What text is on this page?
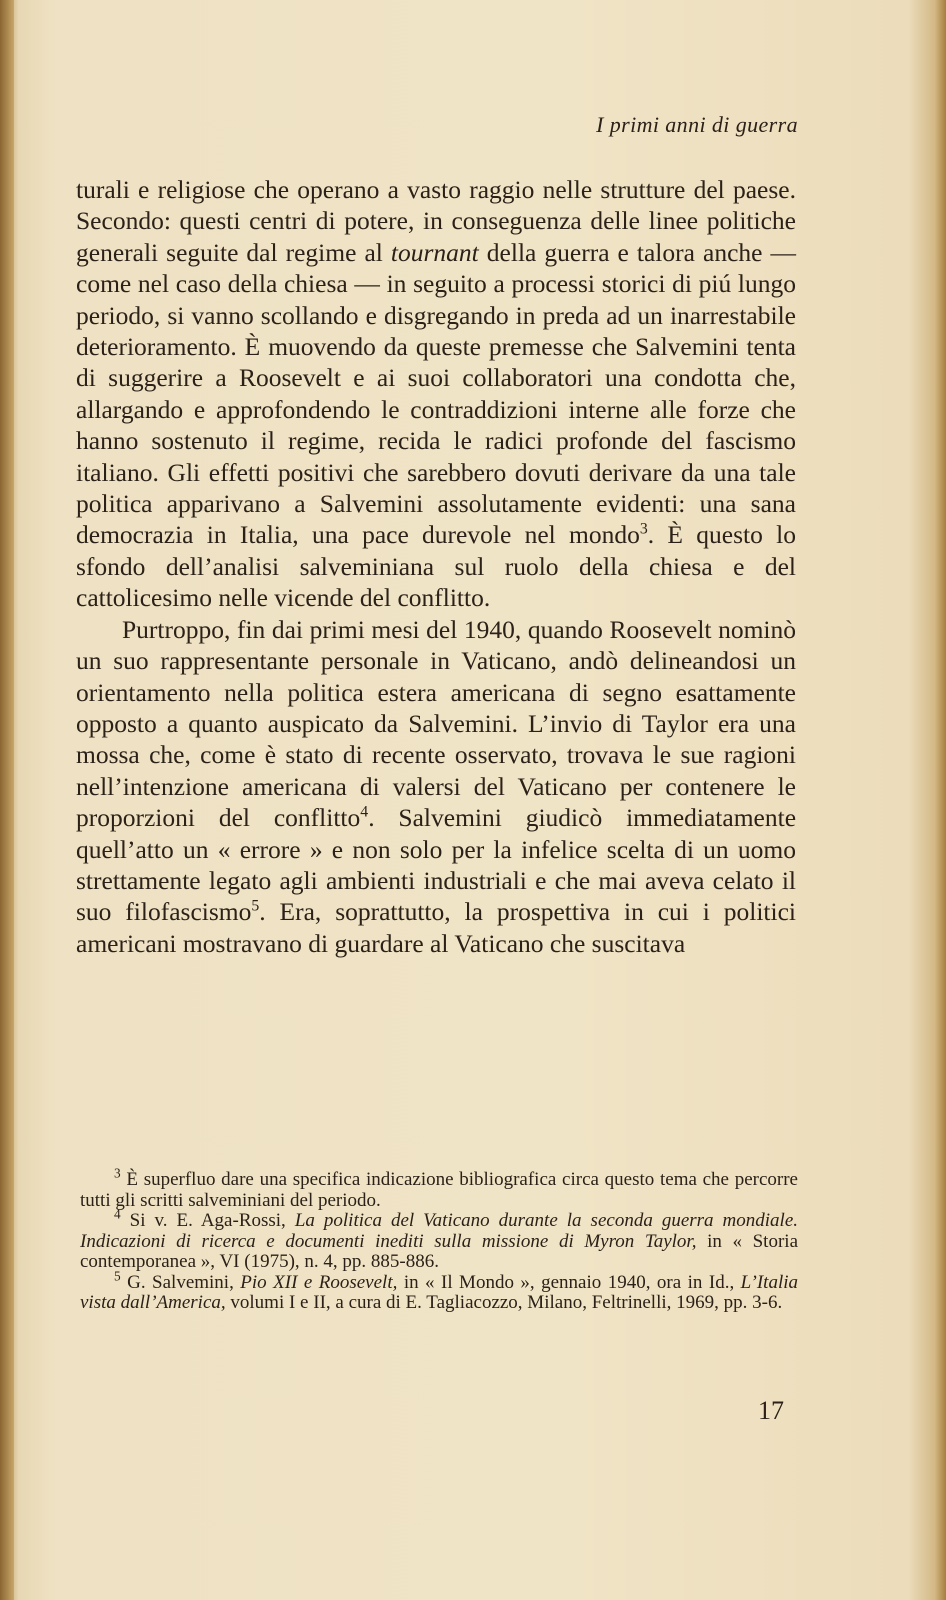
I primi anni di guerra

turali e religiose che operano a vasto raggio nelle strutture del paese. Secondo: questi centri di potere, in conseguenza delle linee politiche generali seguite dal regime al tournant della guerra e talora anche — come nel caso della chiesa — in seguito a processi storici di piú lungo periodo, si vanno scollando e disgregando in preda ad un inarrestabile deterioramento. È muovendo da queste premesse che Salvemini tenta di suggerire a Roosevelt e ai suoi collaboratori una condotta che, allargando e approfondendo le contraddizioni interne alle forze che hanno sostenuto il regime, recida le radici profonde del fascismo italiano. Gli effetti positivi che sarebbero dovuti derivare da una tale politica apparivano a Salvemini assolutamente evidenti: una sana democrazia in Italia, una pace durevole nel mondo$^3$. È questo lo sfondo dell’analisi salveminiana sul ruolo della chiesa e del cattolicesimo nelle vicende del conflitto.

Purtroppo, fin dai primi mesi del 1940, quando Roosevelt nominò un suo rappresentante personale in Vaticano, andò delineandosi un orientamento nella politica estera americana di segno esattamente opposto a quanto auspicato da Salvemini. L’invio di Taylor era una mossa che, come è stato di recente osservato, trovava le sue ragioni nell’intenzione americana di valersi del Vaticano per contenere le proporzioni del conflitto$^4$. Salvemini giudicò immediatamente quell’atto un « errore » e non solo per la infelice scelta di un uomo strettamente legato agli ambienti industriali e che mai aveva celato il suo filofascismo$^5$. Era, soprattutto, la prospettiva in cui i politici americani mostravano di guardare al Vaticano che suscitava

$^3$ È superfluo dare una specifica indicazione bibliografica circa questo tema che percorre tutti gli scritti salveminiani del periodo.

$^4$ Si v. E. Aga-Rossi, La politica del Vaticano durante la seconda guerra mondiale. Indicazioni di ricerca e documenti inediti sulla missione di Myron Taylor, in « Storia contemporanea », VI (1975), n. 4, pp. 885-886.

$^5$ G. Salvemini, Pio XII e Roosevelt, in « Il Mondo », gennaio 1940, ora in Id., L’Italia vista dall’America, volumi I e II, a cura di E. Tagliacozzo, Milano, Feltrinelli, 1969, pp. 3-6.

17
